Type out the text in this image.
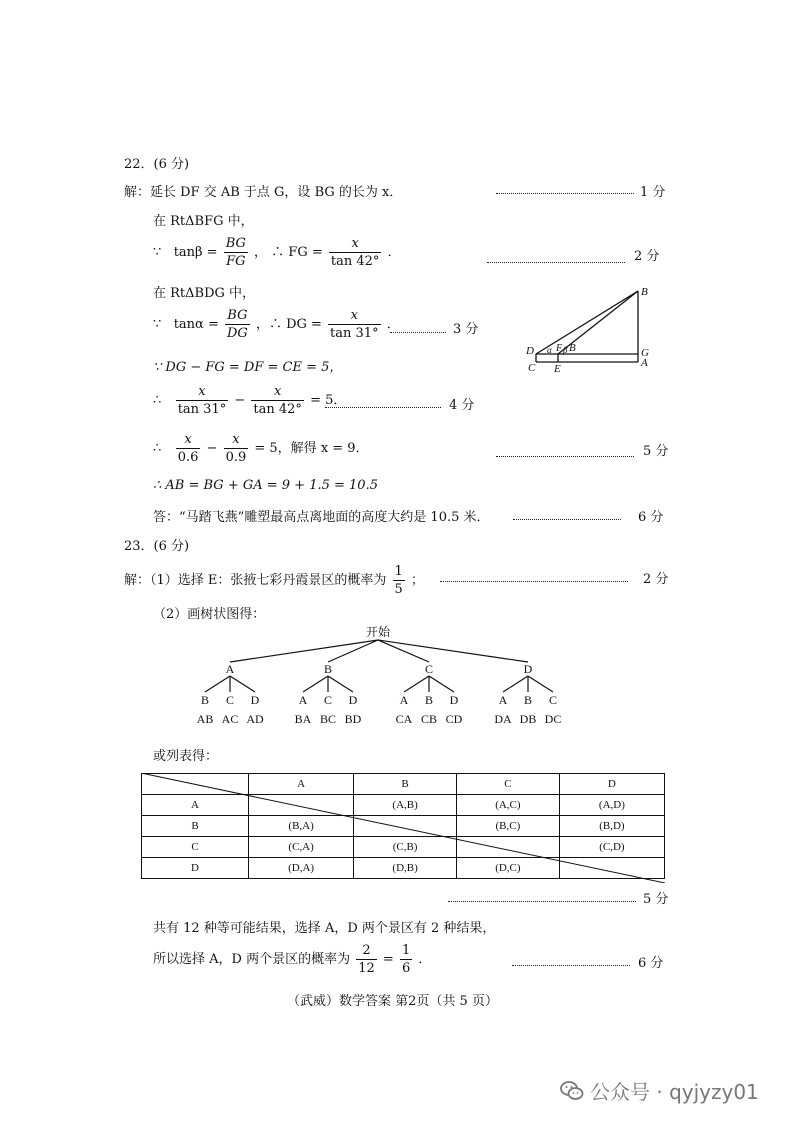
22．(6 分)
解：延长 DF 交 AB 于点 G，设 BG 的长为 x．	1 分
在 RtΔBFG 中，
∵ $\tan\beta = \frac{BG}{FG}$ ， ∴ FG = $\frac{x}{\tan 42^\circ}$ ．	2 分
在 RtΔBDG 中，
∵ $\tan\alpha = \frac{BG}{DG}$ ，∴ DG = $\frac{x}{\tan 31^\circ}$ ．	3 分
∵ DG − FG = DF = CE = 5，
∴ $\frac{x}{\tan 31^\circ} - \frac{x}{\tan 42^\circ} = 5$．	4 分
∴ $\frac{x}{0.6} - \frac{x}{0.9} = 5$，解得 x = 9．	5 分
∴ AB = BG + GA = 9 + 1.5 = 10.5
答：“马踏飞燕”雕塑最高点离地面的高度大约是 10.5 米．	6 分
B
D α F β B	G
C E	A
23．(6 分)
解：（1）选择 E：张掖七彩丹霞景区的概率为 $\frac{1}{5}$ ；	2 分
（2）画树状图得：
开始
A
B
AB
C
AC
D
AD
B
A
BA
C
BC
D
BD
C
A
CA
B
CB
D
CD
D
A
DA
B
DB
C
DC
或列表得：
	A	B	C	D
A		(A,B)	(A,C)	(A,D)
B	(B,A)		(B,C)	(B,D)
C	(C,A)	(C,B)		(C,D)
D	(D,A)	(D,B)	(D,C)	
5 分
共有 12 种等可能结果，选择 A，D 两个景区有 2 种结果，
所以选择 A，D 两个景区的概率为 $\frac{2}{12} = \frac{1}{6}$ ．	6 分
（武威）数学答案 第2页（共 5 页）
公众号 · qyjyzy01
